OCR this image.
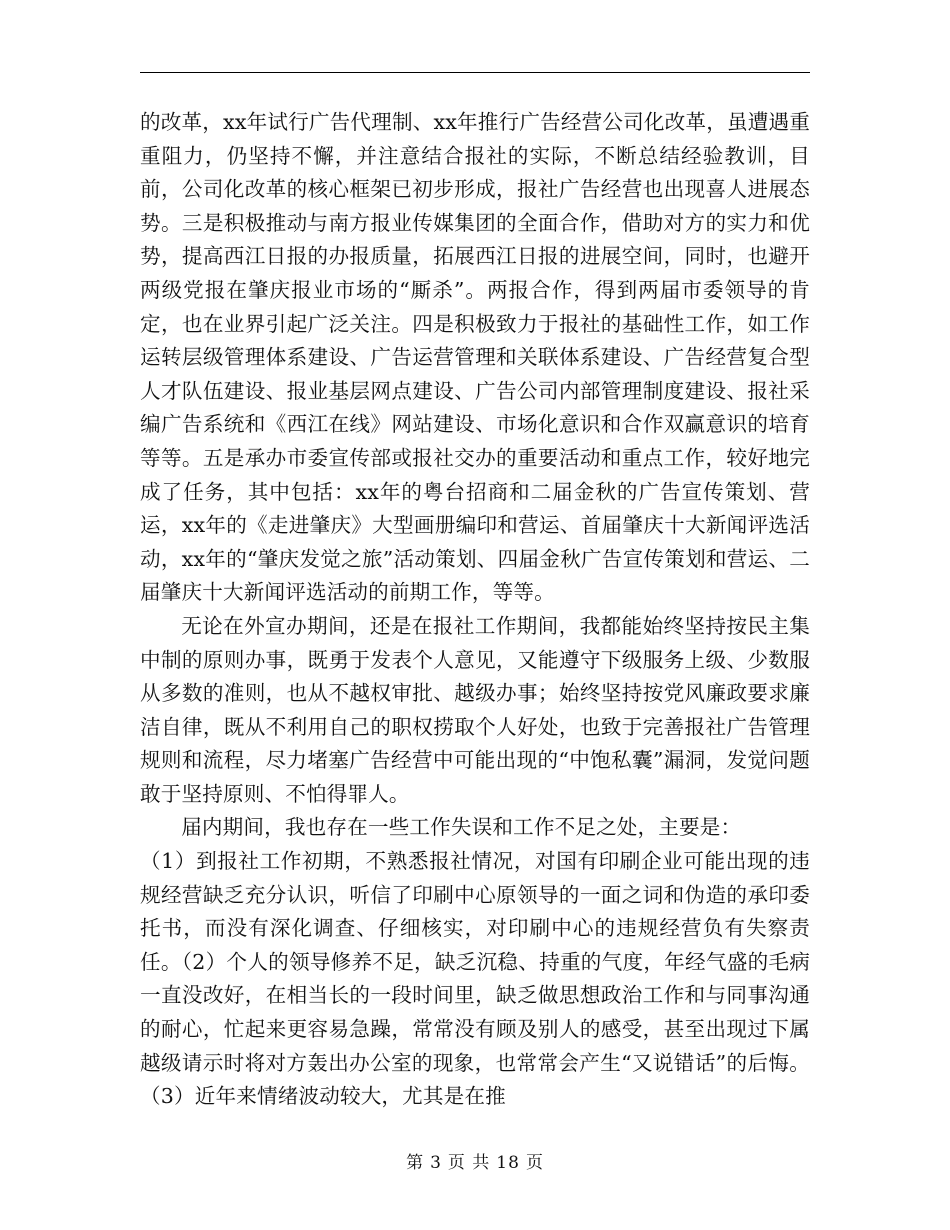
的改革，xx年试行广告代理制、xx年推行广告经营公司化改革，虽遭遇重重阻力，仍坚持不懈，并注意结合报社的实际，不断总结经验教训，目前，公司化改革的核心框架已初步形成，报社广告经营也出现喜人进展态势。三是积极推动与南方报业传媒集团的全面合作，借助对方的实力和优势，提高西江日报的办报质量，拓展西江日报的进展空间，同时，也避开两级党报在肇庆报业市场的“厮杀”。两报合作，得到两届市委领导的肯定，也在业界引起广泛关注。四是积极致力于报社的基础性工作，如工作运转层级管理体系建设、广告运营管理和关联体系建设、广告经营复合型人才队伍建设、报业基层网点建设、广告公司内部管理制度建设、报社采编广告系统和《西江在线》网站建设、市场化意识和合作双赢意识的培育等等。五是承办市委宣传部或报社交办的重要活动和重点工作，较好地完成了任务，其中包括：xx年的粤台招商和二届金秋的广告宣传策划、营运，xx年的《走进肇庆》大型画册编印和营运、首届肇庆十大新闻评选活动，xx年的“肇庆发觉之旅”活动策划、四届金秋广告宣传策划和营运、二届肇庆十大新闻评选活动的前期工作，等等。

无论在外宣办期间，还是在报社工作期间，我都能始终坚持按民主集中制的原则办事，既勇于发表个人意见，又能遵守下级服务上级、少数服从多数的准则，也从不越权审批、越级办事；始终坚持按党风廉政要求廉洁自律，既从不利用自己的职权捞取个人好处，也致于完善报社广告管理规则和流程，尽力堵塞广告经营中可能出现的“中饱私囊”漏洞，发觉问题敢于坚持原则、不怕得罪人。

届内期间，我也存在一些工作失误和工作不足之处，主要是：

（1）到报社工作初期，不熟悉报社情况，对国有印刷企业可能出现的违规经营缺乏充分认识，听信了印刷中心原领导的一面之词和伪造的承印委托书，而没有深化调查、仔细核实，对印刷中心的违规经营负有失察责任。（2）个人的领导修养不足，缺乏沉稳、持重的气度，年经气盛的毛病一直没改好，在相当长的一段时间里，缺乏做思想政治工作和与同事沟通的耐心，忙起来更容易急躁，常常没有顾及别人的感受，甚至出现过下属越级请示时将对方轰出办公室的现象，也常常会产生“又说错话”的后悔。（3）近年来情绪波动较大，尤其是在推

第 3 页 共 18 页
